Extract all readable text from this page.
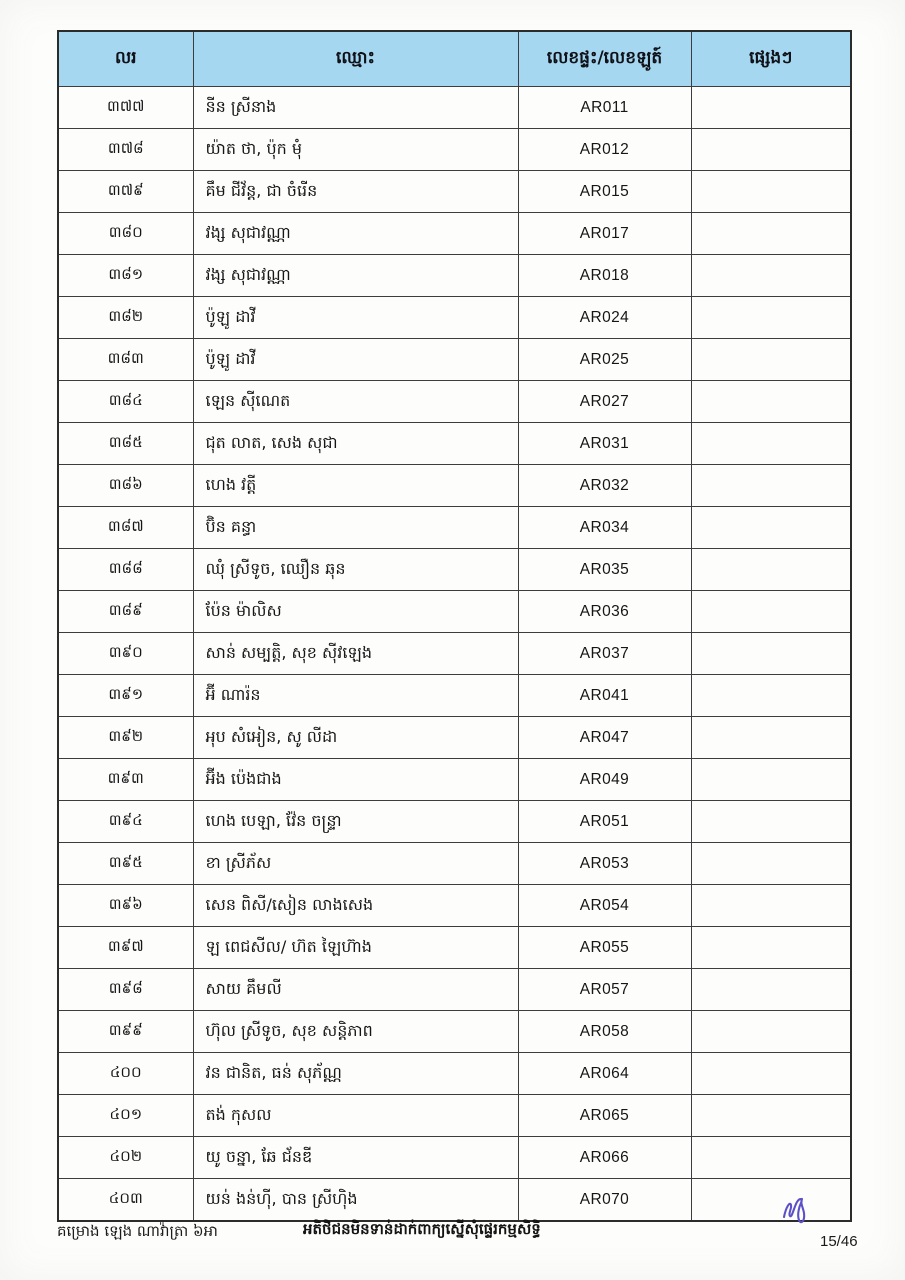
លរ	ឈ្មោះ	លេខផ្ទះ/លេខឡូត៍	ផ្សេងៗ
៣៧៧	នីន ស្រីនាង	AR011	
៣៧៨	យ៉ាត ថា, ប៉ុក មុំ	AR012	
៣៧៩	គឹម ជីវ័ន្ត, ជា ចំរើន	AR015	
៣៨០	វង្ស សុជាវណ្ណា	AR017	
៣៨១	វង្ស សុជាវណ្ណា	AR018	
៣៨២	ប៉ូឡូ ដាវី	AR024	
៣៨៣	ប៉ូឡូ ដាវី	AR025	
៣៨៤	ឡេន ស៊ីណេត	AR027	
៣៨៥	ជុត លាត, សេង សុជា	AR031	
៣៨៦	ហេង វត្តី	AR032	
៣៨៧	ប៊ិន គន្ធា	AR034	
៣៨៨	ឈុំ ស្រីទូច, ឈឿន ឆុន	AR035	
៣៨៩	ប៉ែន ម៉ាលិស	AR036	
៣៩០	សាន់ សម្បត្តិ, សុខ ស៊ីវឡេង	AR037	
៣៩១	អ៊ី ណារ៉ន	AR041	
៣៩២	អុប សំអៀន, សូ លីដា	AR047	
៣៩៣	អ៊ីង ប៉េងជាង	AR049	
៣៩៤	ហេង បេឡា, វ៉ែន ចន្ទ្រា	AR051	
៣៩៥	ខា ស្រីភ័ស	AR053	
៣៩៦	សេន ពិសី/សៀន លាងសេង	AR054	
៣៩៧	ឡ ពេជសីល/ ហ៊ត ឡៃហ៊ាង	AR055	
៣៩៨	សាយ គឹមលី	AR057	
៣៩៩	ហ៊ុល ស្រីទូច, សុខ សន្តិភាព	AR058	
៤០០	វន ជានិត, ធន់ សុភ័ណ្ណ	AR064	
៤០១	តង់ កុសល	AR065	
៤០២	យូ ចន្នា, ឆែ ជ័នឌី	AR066	
៤០៣	យន់ ងន់ហ៊ី, បាន ស្រីហ៊ិង	AR070	
គម្រោង ឡេង ណាវ៉ាត្រា ៦អា	អតិថិជនមិនទាន់ដាក់ពាក្យស្នើសុំផ្ទេរកម្មសិទ្ធិ
15/46
